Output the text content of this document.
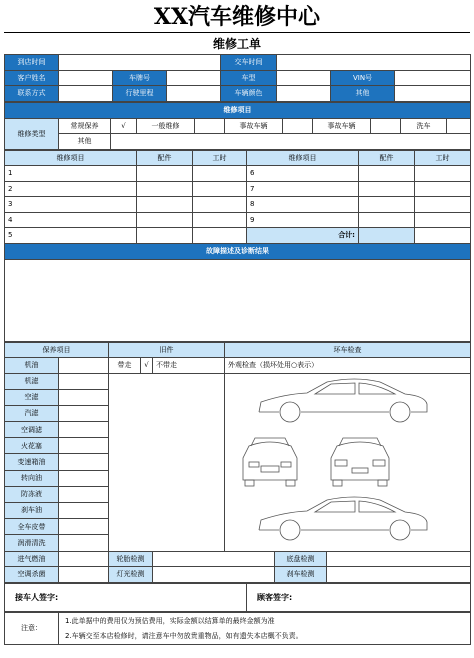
XX汽车维修中心
维修工单
到店时间				交车时间			
客户姓名		车牌号		车型		VIN号	
联系方式		行驶里程		车辆颜色		其他	
维修项目										
维修类型	常规保养	√	一般维修		事故车辆		事故车辆		洗车	
	其他									
维修项目	配件	工时	维修项目	配件	工时
1			6		
2			7		
3			8		
4			9		
5			合计:		
故障描述及诊断结果					

保养项目		旧件			环车检查		
机油		带走	√	不带走	外观检查（损坏处用○表示）		
机滤			
空滤							
汽滤							
空调滤							
火花塞							
变速箱油							
转向油							
防冻液							
刹车油							
全车皮带							
润滑清洗							
进气燃油		轮胎检测				底盘检测	
空调杀菌		灯光检测				刹车检测	
接车人签字:	顾客签字:
注意：	
1.此单据中的费用仅为预估费用，实际金额以结算单的最终金额为准
2.车辆交至本店检修时，请注意车中勿放贵重物品，如有遗失本店概不负责。
